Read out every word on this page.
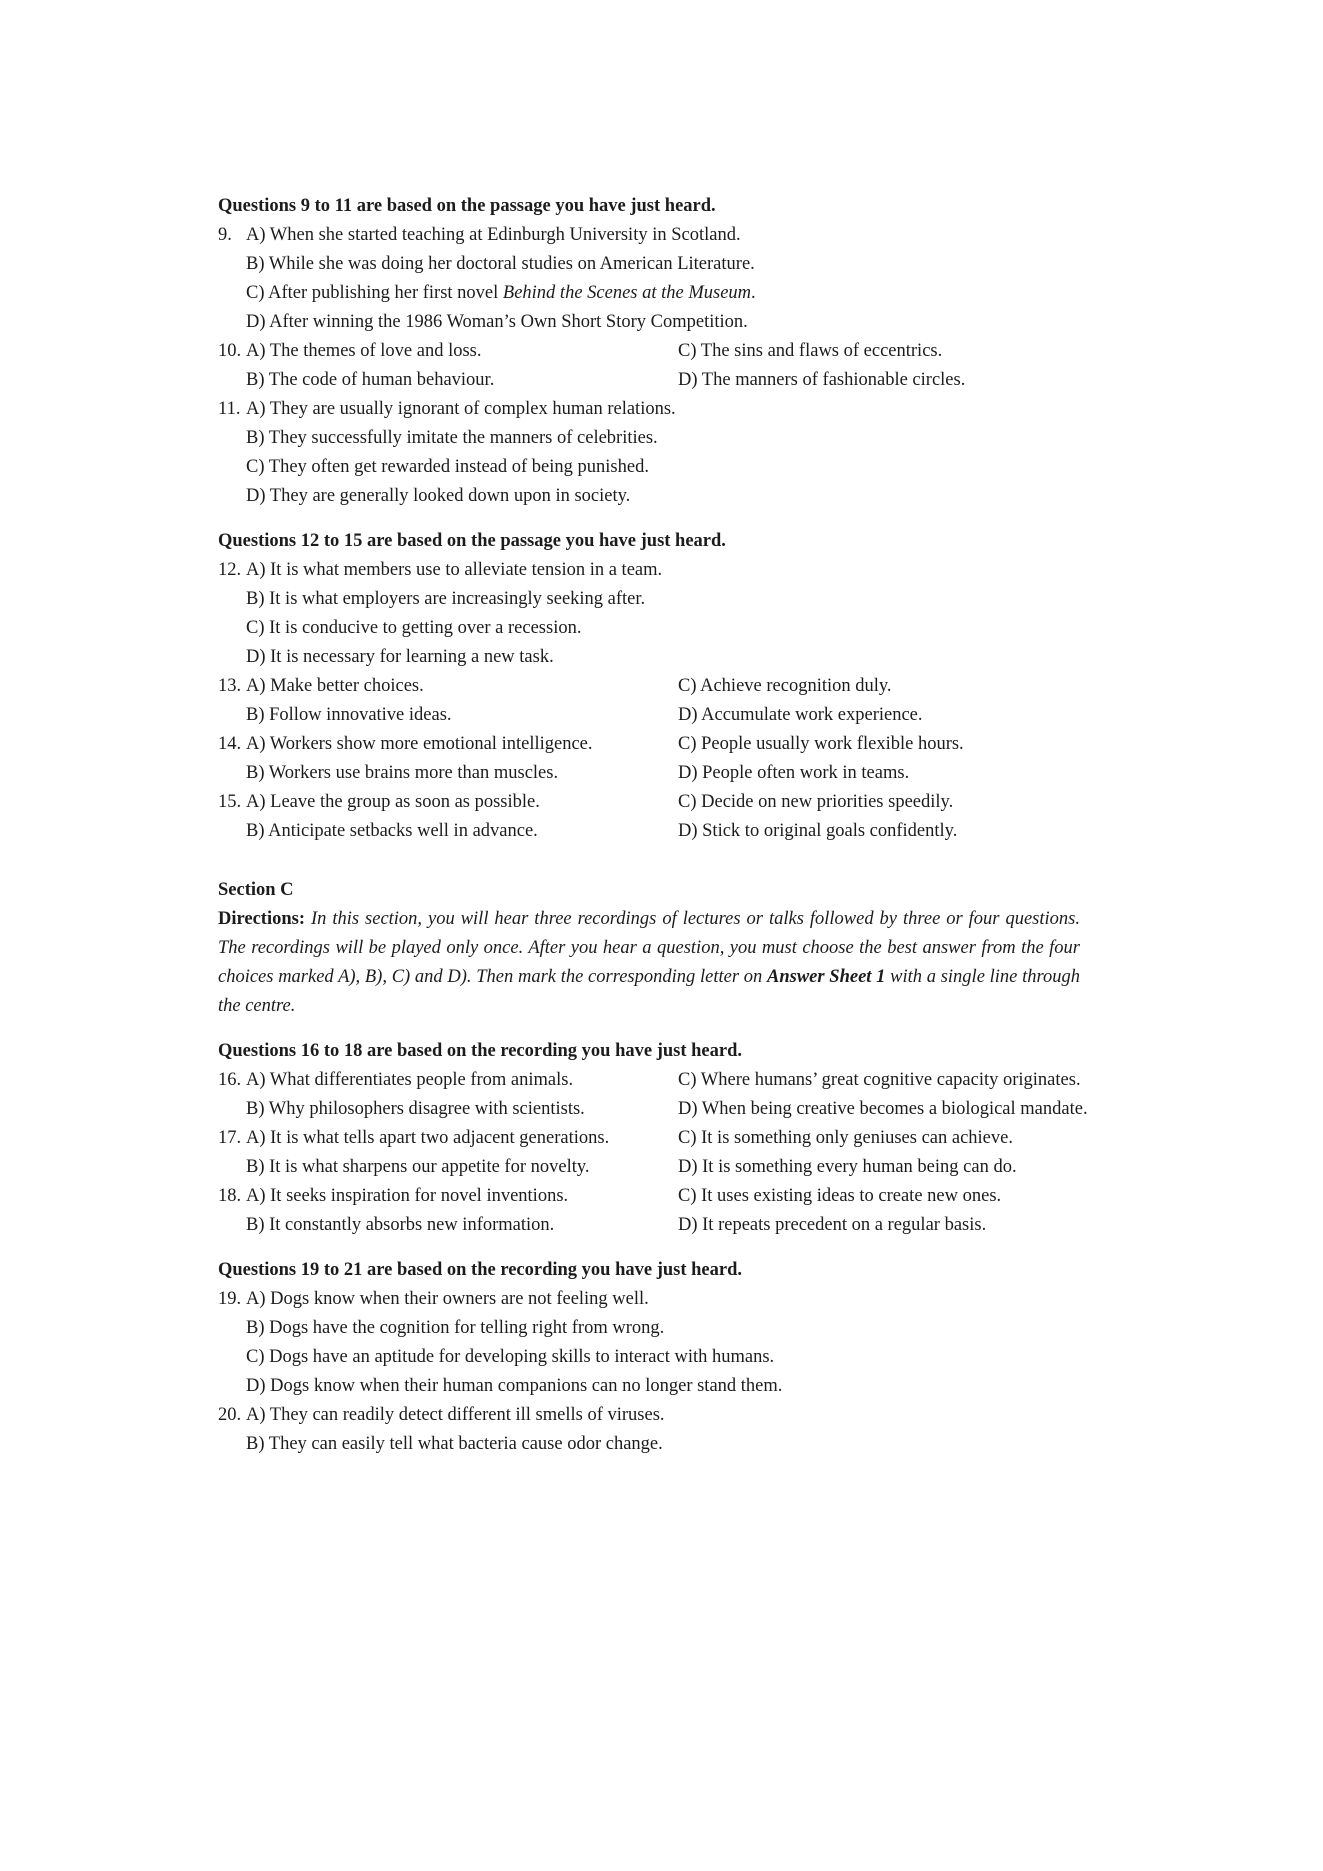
Questions 9 to 11 are based on the passage you have just heard.
9. A) When she started teaching at Edinburgh University in Scotland.
B) While she was doing her doctoral studies on American Literature.
C) After publishing her first novel Behind the Scenes at the Museum.
D) After winning the 1986 Woman’s Own Short Story Competition.
10. A) The themes of love and loss.	C) The sins and flaws of eccentrics.
B) The code of human behaviour.	D) The manners of fashionable circles.
11. A) They are usually ignorant of complex human relations.
B) They successfully imitate the manners of celebrities.
C) They often get rewarded instead of being punished.
D) They are generally looked down upon in society.
Questions 12 to 15 are based on the passage you have just heard.
12. A) It is what members use to alleviate tension in a team.
B) It is what employers are increasingly seeking after.
C) It is conducive to getting over a recession.
D) It is necessary for learning a new task.
13. A) Make better choices.	C) Achieve recognition duly.
B) Follow innovative ideas.	D) Accumulate work experience.
14. A) Workers show more emotional intelligence.	C) People usually work flexible hours.
B) Workers use brains more than muscles.	D) People often work in teams.
15. A) Leave the group as soon as possible.	C) Decide on new priorities speedily.
B) Anticipate setbacks well in advance.	D) Stick to original goals confidently.
Section C
Directions: In this section, you will hear three recordings of lectures or talks followed by three or four questions. The recordings will be played only once. After you hear a question, you must choose the best answer from the four choices marked A), B), C) and D). Then mark the corresponding letter on Answer Sheet 1 with a single line through the centre.
Questions 16 to 18 are based on the recording you have just heard.
16. A) What differentiates people from animals.	C) Where humans’ great cognitive capacity originates.
B) Why philosophers disagree with scientists.	D) When being creative becomes a biological mandate.
17. A) It is what tells apart two adjacent generations.	C) It is something only geniuses can achieve.
B) It is what sharpens our appetite for novelty.	D) It is something every human being can do.
18. A) It seeks inspiration for novel inventions.	C) It uses existing ideas to create new ones.
B) It constantly absorbs new information.	D) It repeats precedent on a regular basis.
Questions 19 to 21 are based on the recording you have just heard.
19. A) Dogs know when their owners are not feeling well.
B) Dogs have the cognition for telling right from wrong.
C) Dogs have an aptitude for developing skills to interact with humans.
D) Dogs know when their human companions can no longer stand them.
20. A) They can readily detect different ill smells of viruses.
B) They can easily tell what bacteria cause odor change.
